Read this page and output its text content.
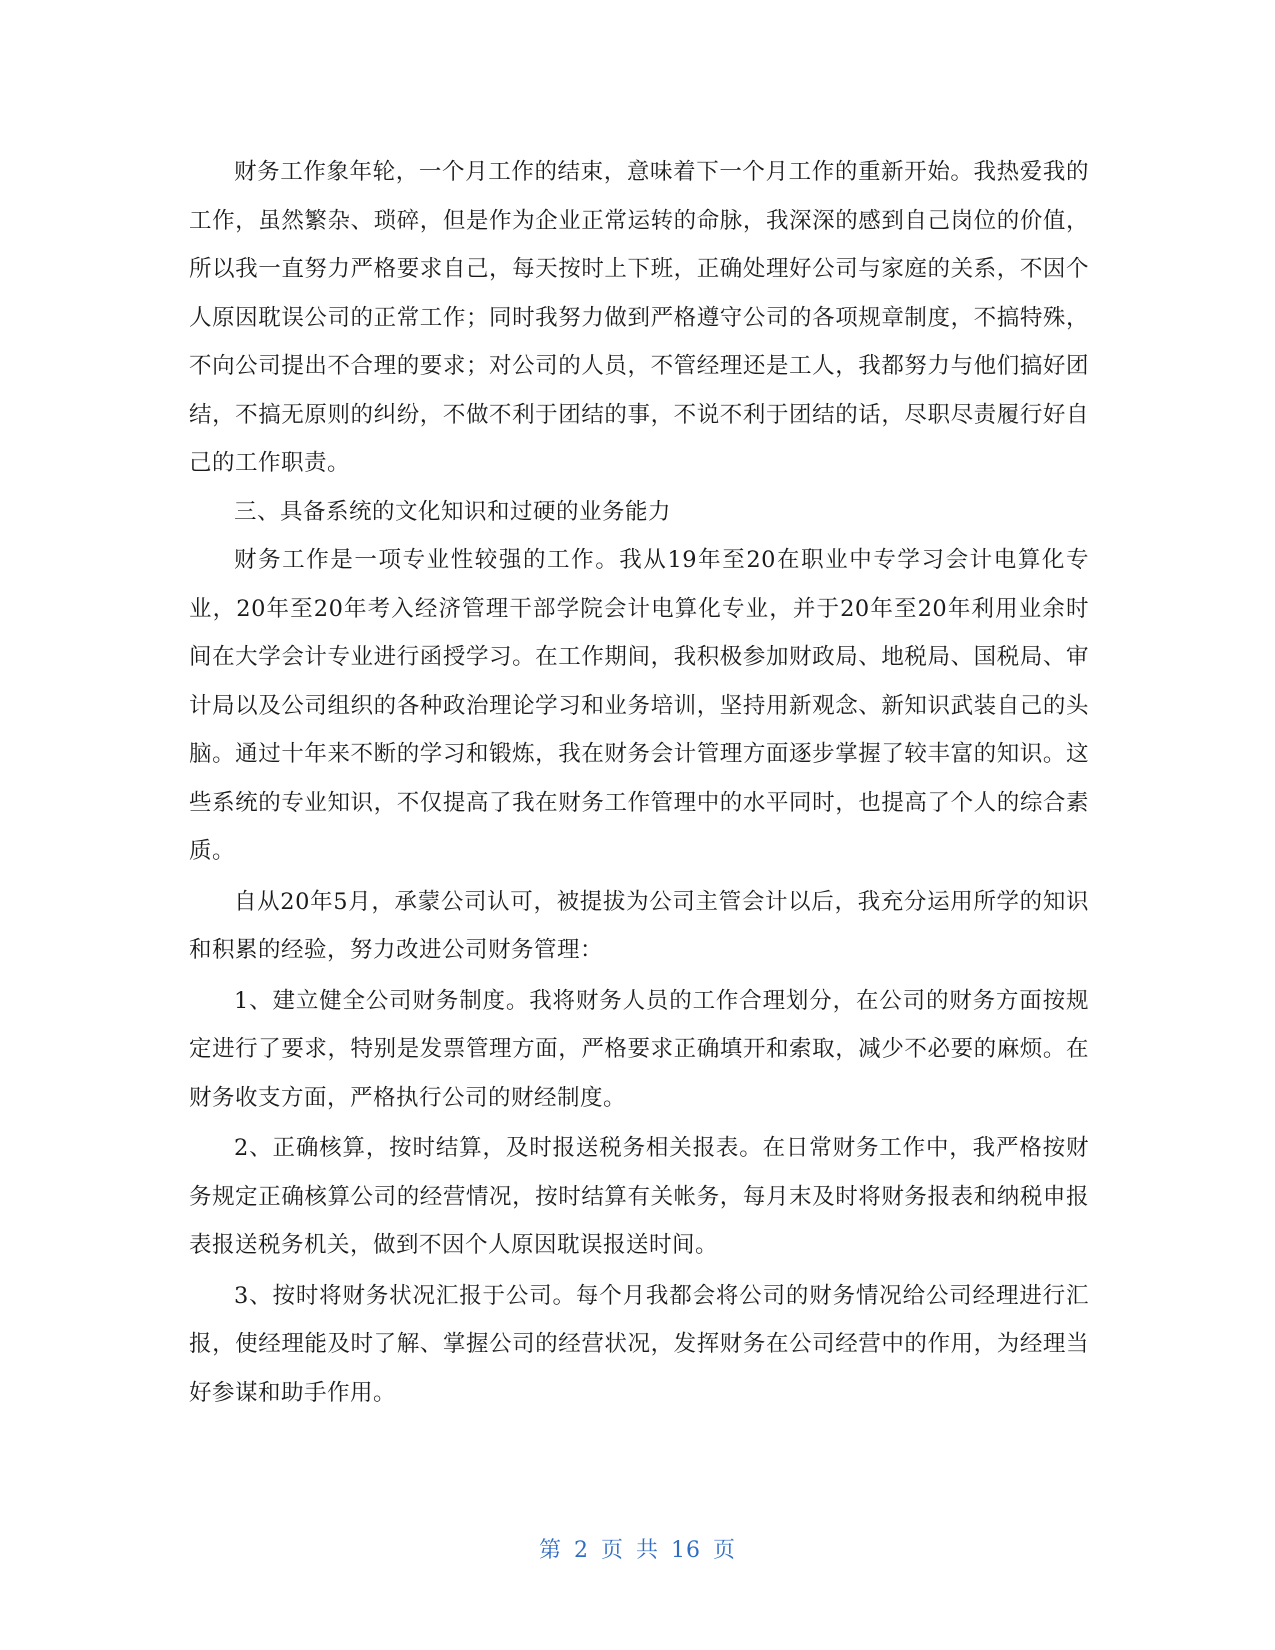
财务工作象年轮，一个月工作的结束，意味着下一个月工作的重新开始。我热爱我的工作，虽然繁杂、琐碎，但是作为企业正常运转的命脉，我深深的感到自己岗位的价值，所以我一直努力严格要求自己，每天按时上下班，正确处理好公司与家庭的关系，不因个人原因耽误公司的正常工作；同时我努力做到严格遵守公司的各项规章制度，不搞特殊，不向公司提出不合理的要求；对公司的人员，不管经理还是工人，我都努力与他们搞好团结，不搞无原则的纠纷，不做不利于团结的事，不说不利于团结的话，尽职尽责履行好自己的工作职责。

三、具备系统的文化知识和过硬的业务能力

财务工作是一项专业性较强的工作。我从19年至20在职业中专学习会计电算化专业，20年至20年考入经济管理干部学院会计电算化专业，并于20年至20年利用业余时间在大学会计专业进行函授学习。在工作期间，我积极参加财政局、地税局、国税局、审计局以及公司组织的各种政治理论学习和业务培训，坚持用新观念、新知识武装自己的头脑。通过十年来不断的学习和锻炼，我在财务会计管理方面逐步掌握了较丰富的知识。这些系统的专业知识，不仅提高了我在财务工作管理中的水平同时，也提高了个人的综合素质。

自从20年5月，承蒙公司认可，被提拔为公司主管会计以后，我充分运用所学的知识和积累的经验，努力改进公司财务管理：

1、建立健全公司财务制度。我将财务人员的工作合理划分，在公司的财务方面按规定进行了要求，特别是发票管理方面，严格要求正确填开和索取，减少不必要的麻烦。在财务收支方面，严格执行公司的财经制度。

2、正确核算，按时结算，及时报送税务相关报表。在日常财务工作中，我严格按财务规定正确核算公司的经营情况，按时结算有关帐务，每月末及时将财务报表和纳税申报表报送税务机关，做到不因个人原因耽误报送时间。

3、按时将财务状况汇报于公司。每个月我都会将公司的财务情况给公司经理进行汇报，使经理能及时了解、掌握公司的经营状况，发挥财务在公司经营中的作用，为经理当好参谋和助手作用。

第 2 页 共 16 页
